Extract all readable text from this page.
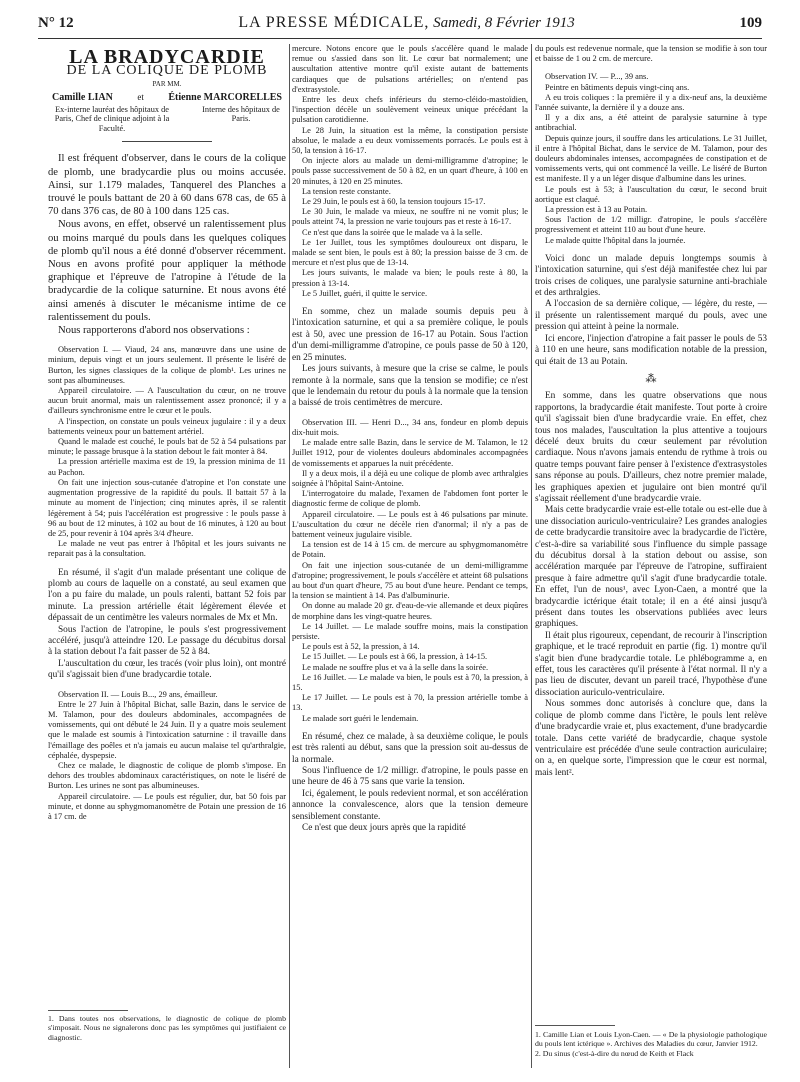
N° 12	LA PRESSE MÉDICALE, Samedi, 8 Février 1913	109
LA BRADYCARDIE
DE LA COLIQUE DE PLOMB
PAR MM.
Camille LIAN	et Étienne MARCORELLES
Ex-interne lauréat des hôpitaux de Paris, Chef de clinique adjoint à la Faculté.
Interne des hôpitaux de Paris.

Il est fréquent d'observer, dans le cours de la colique de plomb, une bradycardie plus ou moins accusée. Ainsi, sur 1.179 malades, Tanquerel des Planches a trouvé le pouls battant de 20 à 60 dans 678 cas, de 65 à 70 dans 376 cas, de 80 à 100 dans 125 cas.

Nous avons, en effet, observé un ralentissement plus ou moins marqué du pouls dans les quelques coliques de plomb qu'il nous a été donné d'observer récemment. Nous en avons profité pour appliquer la méthode graphique et l'épreuve de l'atropine à l'étude de la bradycardie de la colique saturnine. Et nous avons été ainsi amenés à discuter le mécanisme intime de ce ralentissement du pouls.

Nous rapporterons d'abord nos observations :

Observation I. — Viaud, 24 ans, manœuvre dans une usine de minium, depuis vingt et un jours seulement. Il présente le liséré de Burton, les signes classiques de la colique de plomb¹. Les urines ne sont pas albumineuses.

Appareil circulatoire. — A l'auscultation du cœur, on ne trouve aucun bruit anormal, mais un ralentissement assez prononcé; il y a d'ailleurs synchronisme entre le cœur et le pouls.

A l'inspection, on constate un pouls veineux jugulaire : il y a deux battements veineux pour un battement artériel.

Quand le malade est couché, le pouls bat de 52 à 54 pulsations par minute; le passage brusque à la station debout le fait monter à 84.

La pression artérielle maxima est de 19, la pression minima de 11 au Pachon.

On fait une injection sous-cutanée d'atropine et l'on constate une augmentation progressive de la rapidité du pouls. Il battait 57 à la minute au moment de l'injection; cinq minutes après, il se ralentit légèrement à 54; puis l'accélération est progressive : le pouls passe à 96 au bout de 12 minutes, à 102 au bout de 16 minutes, à 120 au bout de 25, pour revenir à 104 après 3/4 d'heure.

Le malade ne veut pas entrer à l'hôpital et les jours suivants ne reparait pas à la consultation.

En résumé, il s'agit d'un malade présentant une colique de plomb au cours de laquelle on a constaté, au seul examen que l'on a pu faire du malade, un pouls ralenti, battant 52 fois par minute. La pression artérielle était légèrement élevée et dépassait de un centimètre les valeurs normales de Mx et Mn.

Sous l'action de l'atropine, le pouls s'est progressivement accéléré, jusqu'à atteindre 120. Le passage du décubitus dorsal à la station debout l'a fait passer de 52 à 84.

L'auscultation du cœur, les tracés (voir plus loin), ont montré qu'il s'agissait bien d'une bradycardie totale.

Observation II. — Louis B..., 29 ans, émailleur.

Entre le 27 Juin à l'hôpital Bichat, salle Bazin, dans le service de M. Talamon, pour des douleurs abdominales, accompagnées de vomissements, qui ont débuté le 24 Juin. Il y a quatre mois seulement que le malade est soumis à l'intoxication saturnine : il travaille dans l'émaillage des poêles et n'a jamais eu aucun malaise tel qu'arthralgie, céphalée, dyspepsie.

Chez ce malade, le diagnostic de colique de plomb s'impose. En dehors des troubles abdominaux caractéristiques, on note le liséré de Burton. Les urines ne sont pas albumineuses.

Appareil circulatoire. — Le pouls est régulier, dur, bat 50 fois par minute, et donne au sphygmomanomètre de Potain une pression de 16 à 17 cm. de

mercure. Notons encore que le pouls s'accélère quand le malade remue ou s'assied dans son lit. Le cœur bat normalement; une auscultation attentive montre qu'il existe autant de battements cardiaques que de pulsations artérielles; on n'entend pas d'extrasystole.

Entre les deux chefs inférieurs du sterno-cléido-mastoïdien, l'inspection décèle un soulèvement veineux unique précédant la pulsation carotidienne.

Le 28 Juin, la situation est la même, la constipation persiste absolue, le malade a eu deux vomissements porracés. Le pouls est à 50, la tension à 16-17.

On injecte alors au malade un demi-milligramme d'atropine; le pouls passe successivement de 50 à 82, en un quart d'heure, à 100 en 20 minutes, à 120 en 25 minutes.

La tension reste constante.

Le 29 Juin, le pouls est à 60, la tension toujours 15-17.

Le 30 Juin, le malade va mieux, ne souffre ni ne vomit plus; le pouls atteint 74, la pression ne varie toujours pas et reste à 16-17.

Ce n'est que dans la soirée que le malade va à la selle.

Le 1er Juillet, tous les symptômes douloureux ont disparu, le malade se sent bien, le pouls est à 80; la pression baisse de 3 cm. de mercure et n'est plus que de 13-14.

Les jours suivants, le malade va bien; le pouls reste à 80, la pression à 13-14.

Le 5 Juillet, guéri, il quitte le service.

En somme, chez un malade soumis depuis peu à l'intoxication saturnine, et qui a sa première colique, le pouls est à 50, avec une pression de 16-17 au Potain. Sous l'action d'un demi-milligramme d'atropine, ce pouls passe de 50 à 120, en 25 minutes.

Les jours suivants, à mesure que la crise se calme, le pouls remonte à la normale, sans que la tension se modifie; ce n'est que le lendemain du retour du pouls à la normale que la tension a baissé de trois centimètres de mercure.

Observation III. — Henri D..., 34 ans, fondeur en plomb depuis dix-huit mois.

Le malade entre salle Bazin, dans le service de M. Talamon, le 12 Juillet 1912, pour de violentes douleurs abdominales accompagnées de vomissements et apparues la nuit précédente.

Il y a deux mois, il a déjà eu une colique de plomb avec arthralgies soignée à l'hôpital Saint-Antoine.

L'interrogatoire du malade, l'examen de l'abdomen font porter le diagnostic ferme de colique de plomb.

Appareil circulatoire. — Le pouls est à 46 pulsations par minute. L'auscultation du cœur ne décèle rien d'anormal; il n'y a pas de battement veineux jugulaire visible.

La tension est de 14 à 15 cm. de mercure au sphygmomanomètre de Potain.

On fait une injection sous-cutanée de un demi-milligramme d'atropine; progressivement, le pouls s'accélère et atteint 68 pulsations au bout d'un quart d'heure, 75 au bout d'une heure. Pendant ce temps, la tension se maintient à 14. Pas d'albuminurie.

On donne au malade 20 gr. d'eau-de-vie allemande et deux piqûres de morphine dans les vingt-quatre heures.

Le 14 Juillet. — Le malade souffre moins, mais la constipation persiste.

Le pouls est à 52, la pression, à 14.

Le 15 Juillet. — Le pouls est à 66, la pression, à 14-15.

Le malade ne souffre plus et va à la selle dans la soirée.

Le 16 Juillet. — Le malade va bien, le pouls est à 70, la pression, à 15.

Le 17 Juillet. — Le pouls est à 70, la pression artérielle tombe à 13.

Le malade sort guéri le lendemain.

En résumé, chez ce malade, à sa deuxième colique, le pouls est très ralenti au début, sans que la pression soit au-dessus de la normale.

Sous l'influence de 1/2 milligr. d'atropine, le pouls passe en une heure de 46 à 75 sans que varie la tension.

Ici, également, le pouls redevient normal, et son accélération annonce la convalescence, alors que la tension demeure sensiblement constante.

Ce n'est que deux jours après que la rapidité

du pouls est redevenue normale, que la tension se modifie à son tour et baisse de 1 ou 2 cm. de mercure.

Observation IV. — P..., 39 ans.

Peintre en bâtiments depuis vingt-cinq ans.

A eu trois coliques : la première il y a dix-neuf ans, la deuxième l'année suivante, la dernière il y a douze ans.

Il y a dix ans, a été atteint de paralysie saturnine à type antibrachial.

Depuis quinze jours, il souffre dans les articulations. Le 31 Juillet, il entre à l'hôpital Bichat, dans le service de M. Talamon, pour des douleurs abdominales intenses, accompagnées de constipation et de vomissements verts, qui ont commencé la veille. Le liséré de Burton est manifeste. Il y a un léger disque d'albumine dans les urines.

Le pouls est à 53; à l'auscultation du cœur, le second bruit aortique est claqué.

La pression est à 13 au Potain.

Sous l'action de 1/2 milligr. d'atropine, le pouls s'accélère progressivement et atteint 110 au bout d'une heure.

Le malade quitte l'hôpital dans la journée.

Voici donc un malade depuis longtemps soumis à l'intoxication saturnine, qui s'est déjà manifestée chez lui par trois crises de coliques, une paralysie saturnine anti-brachiale et des arthralgies.

A l'occasion de sa dernière colique, — légère, du reste, — il présente un ralentissement marqué du pouls, avec une pression qui atteint à peine la normale.

Ici encore, l'injection d'atropine a fait passer le pouls de 53 à 110 en une heure, sans modification notable de la pression, qui était de 13 au Potain.

⁂

En somme, dans les quatre observations que nous rapportons, la bradycardie était manifeste. Tout porte à croire qu'il s'agissait bien d'une bradycardie vraie. En effet, chez tous nos malades, l'auscultation la plus attentive a toujours décelé deux bruits du cœur seulement par révolution cardiaque. Nous n'avons jamais entendu de rythme à trois ou quatre temps pouvant faire penser à l'existence d'extrasystoles sans réponse au pouls. D'ailleurs, chez notre premier malade, les graphiques apexien et jugulaire ont bien montré qu'il s'agissait réellement d'une bradycardie vraie.

Mais cette bradycardie vraie est-elle totale ou est-elle due à une dissociation auriculo-ventriculaire? Les grandes analogies de cette bradycardie transitoire avec la bradycardie de l'ictère, c'est-à-dire sa variabilité sous l'influence du simple passage du décubitus dorsal à la station debout ou assise, son accélération marquée par l'épreuve de l'atropine, suffiraient presque à faire admettre qu'il s'agit d'une bradycardie totale. En effet, l'un de nous¹, avec Lyon-Caen, a montré que la bradycardie ictérique était totale; il en a été ainsi jusqu'à présent dans toutes les observations publiées avec leurs graphiques.

Il était plus rigoureux, cependant, de recourir à l'inscription graphique, et le tracé reproduit en partie (fig. 1) montre qu'il s'agit bien d'une bradycardie totale. Le phlébogramme a, en effet, tous les caractères qu'il présente à l'état normal. Il n'y a pas lieu de discuter, devant un pareil tracé, l'hypothèse d'une dissociation auriculo-ventriculaire.

Nous sommes donc autorisés à conclure que, dans la colique de plomb comme dans l'ictère, le pouls lent relève d'une bradycardie vraie et, plus exactement, d'une bradycardie totale. Dans cette variété de bradycardie, chaque systole ventriculaire est précédée d'une seule contraction auriculaire; on a, en quelque sorte, l'impression que le cœur est normal, mais lent².

1. Dans toutes nos observations, le diagnostic de colique de plomb s'imposait. Nous ne signalerons donc pas les symptômes qui justifiaient ce diagnostic.	1. Camille Lian et Louis Lyon-Caen. — « De la physiologie pathologique du pouls lent ictérique ». Archives des Maladies du cœur, Janvier 1912.
2. Du sinus (c'est-à-dire du nœud de Keith et Flack
